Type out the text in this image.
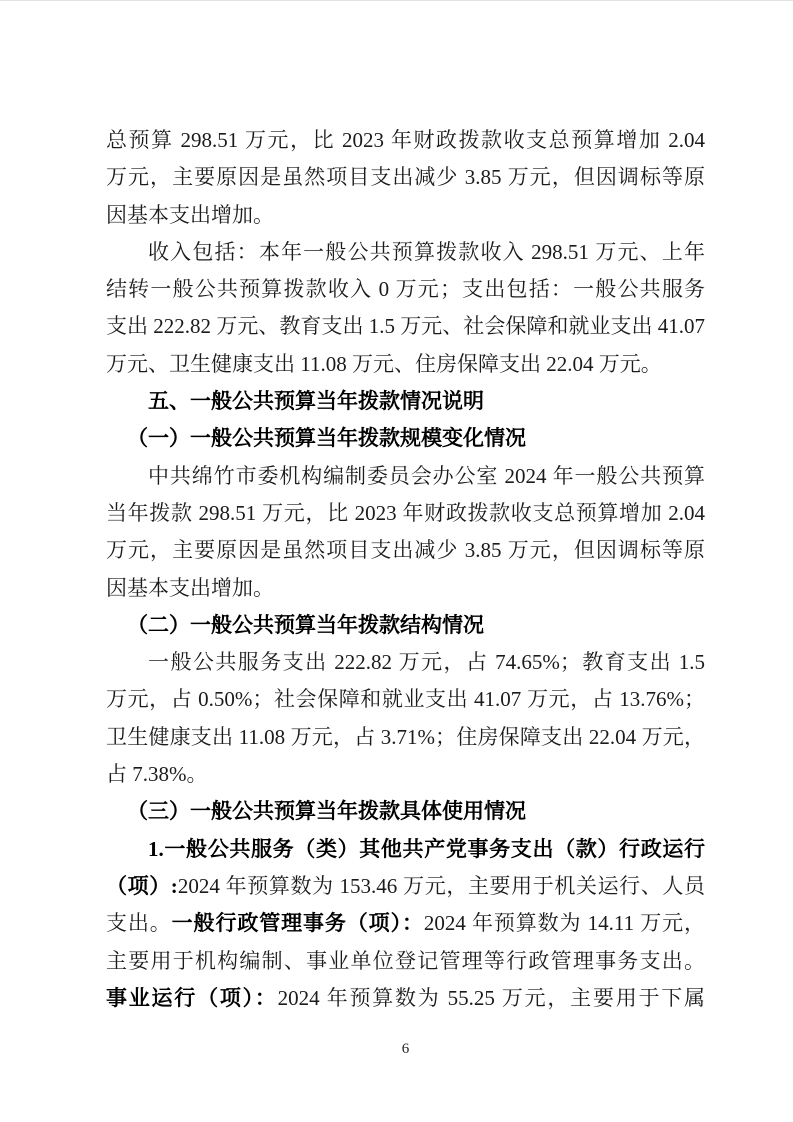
总预算 298.51 万元，比 2023 年财政拨款收支总预算增加 2.04
万元，主要原因是虽然项目支出减少 3.85 万元，但因调标等原
因基本支出增加。
收入包括：本年一般公共预算拨款收入 298.51 万元、上年
结转一般公共预算拨款收入 0 万元；支出包括：一般公共服务
支出 222.82 万元、教育支出 1.5 万元、社会保障和就业支出 41.07
万元、卫生健康支出 11.08 万元、住房保障支出 22.04 万元。
五、一般公共预算当年拨款情况说明
（一）一般公共预算当年拨款规模变化情况
中共绵竹市委机构编制委员会办公室 2024 年一般公共预算
当年拨款 298.51 万元，比 2023 年财政拨款收支总预算增加 2.04
万元，主要原因是虽然项目支出减少 3.85 万元，但因调标等原
因基本支出增加。
（二）一般公共预算当年拨款结构情况
一般公共服务支出 222.82 万元，占 74.65%；教育支出 1.5
万元，占 0.50%；社会保障和就业支出 41.07 万元，占 13.76%；
卫生健康支出 11.08 万元，占 3.71%；住房保障支出 22.04 万元，
占 7.38%。
（三）一般公共预算当年拨款具体使用情况
1.一般公共服务（类）其他共产党事务支出（款）行政运行
（项）:2024 年预算数为 153.46 万元，主要用于机关运行、人员
支出。一般行政管理事务（项）：2024 年预算数为 14.11 万元，
主要用于机构编制、事业单位登记管理等行政管理事务支出。
事业运行（项）：2024 年预算数为 55.25 万元，主要用于下属
6
